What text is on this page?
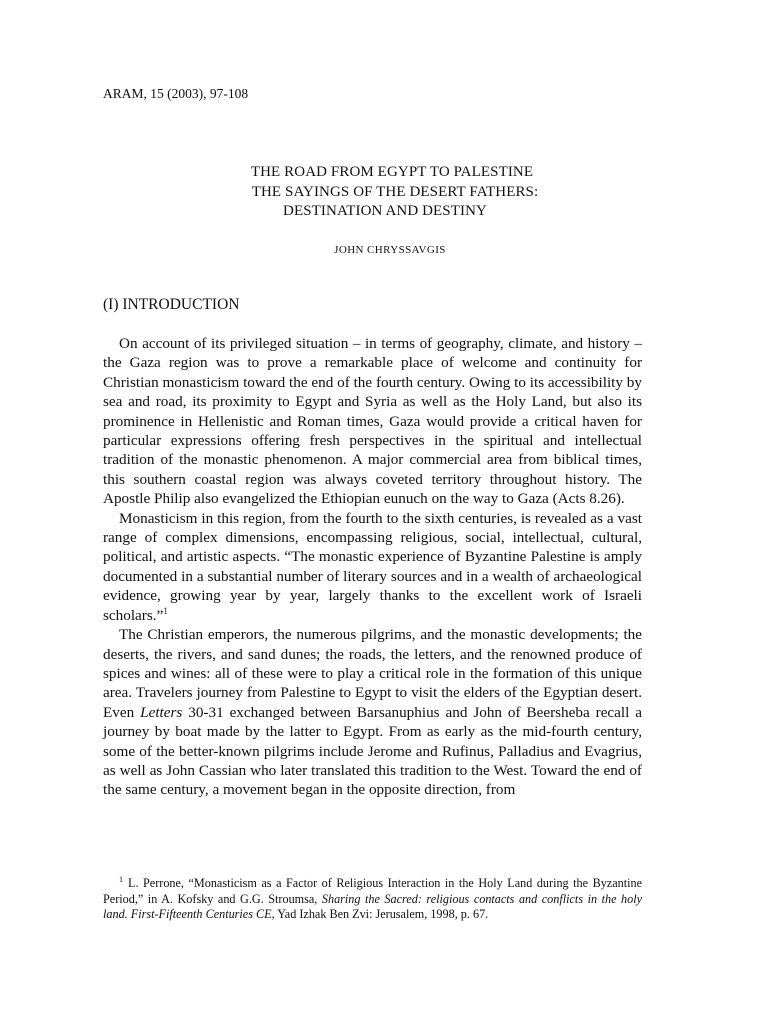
ARAM, 15 (2003), 97-108
THE ROAD FROM EGYPT TO PALESTINE
THE SAYINGS OF THE DESERT FATHERS:
DESTINATION AND DESTINY
JOHN CHRYSSAVGIS
(I) INTRODUCTION

On account of its privileged situation – in terms of geography, climate, and history – the Gaza region was to prove a remarkable place of welcome and continuity for Christian monasticism toward the end of the fourth century. Owing to its accessibility by sea and road, its proximity to Egypt and Syria as well as the Holy Land, but also its prominence in Hellenistic and Roman times, Gaza would provide a critical haven for particular expressions offering fresh perspectives in the spiritual and intellectual tradition of the monastic phenomenon. A major commercial area from biblical times, this southern coastal region was always coveted territory throughout history. The Apostle Philip also evangelized the Ethiopian eunuch on the way to Gaza (Acts 8.26).

Monasticism in this region, from the fourth to the sixth centuries, is revealed as a vast range of complex dimensions, encompassing religious, social, intellectual, cultural, political, and artistic aspects. “The monastic experience of Byzantine Palestine is amply documented in a substantial number of literary sources and in a wealth of archaeological evidence, growing year by year, largely thanks to the excellent work of Israeli scholars.”$^1$

The Christian emperors, the numerous pilgrims, and the monastic developments; the deserts, the rivers, and sand dunes; the roads, the letters, and the renowned produce of spices and wines: all of these were to play a critical role in the formation of this unique area. Travelers journey from Palestine to Egypt to visit the elders of the Egyptian desert. Even Letters 30-31 exchanged between Barsanuphius and John of Beersheba recall a journey by boat made by the latter to Egypt. From as early as the mid-fourth century, some of the better-known pilgrims include Jerome and Rufinus, Palladius and Evagrius, as well as John Cassian who later translated this tradition to the West. Toward the end of the same century, a movement began in the opposite direction, from

$^1$ L. Perrone, “Monasticism as a Factor of Religious Interaction in the Holy Land during the Byzantine Period,” in A. Kofsky and G.G. Stroumsa, Sharing the Sacred: religious contacts and conflicts in the holy land. First-Fifteenth Centuries CE, Yad Izhak Ben Zvi: Jerusalem, 1998, p. 67.
